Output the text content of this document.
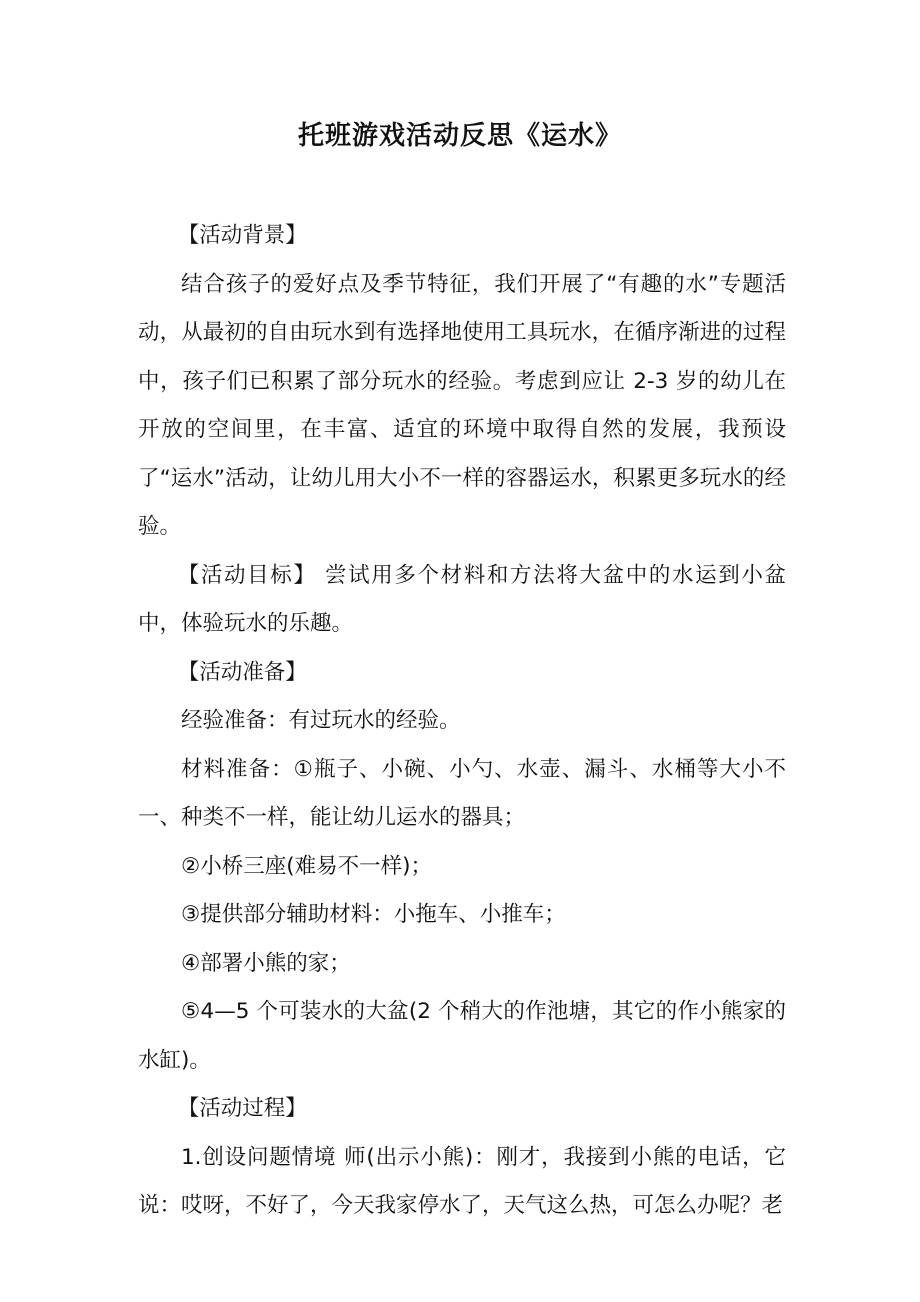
托班游戏活动反思《运水》

【活动背景】

结合孩子的爱好点及季节特征，我们开展了“有趣的水”专题活动，从最初的自由玩水到有选择地使用工具玩水，在循序渐进的过程中，孩子们已积累了部分玩水的经验。考虑到应让 2-3 岁的幼儿在开放的空间里，在丰富、适宜的环境中取得自然的发展，我预设了“运水”活动，让幼儿用大小不一样的容器运水，积累更多玩水的经验。

【活动目标】 尝试用多个材料和方法将大盆中的水运到小盆中，体验玩水的乐趣。

【活动准备】

经验准备：有过玩水的经验。

材料准备：①瓶子、小碗、小勺、水壶、漏斗、水桶等大小不一、种类不一样，能让幼儿运水的器具；

②小桥三座(难易不一样)；

③提供部分辅助材料：小拖车、小推车；

④部署小熊的家；

⑤4—5 个可装水的大盆(2 个稍大的作池塘，其它的作小熊家的水缸)。

【活动过程】

1.创设问题情境 师(出示小熊)：刚才，我接到小熊的电话，它说：哎呀，不好了，今天我家停水了，天气这么热，可怎么办呢？老
